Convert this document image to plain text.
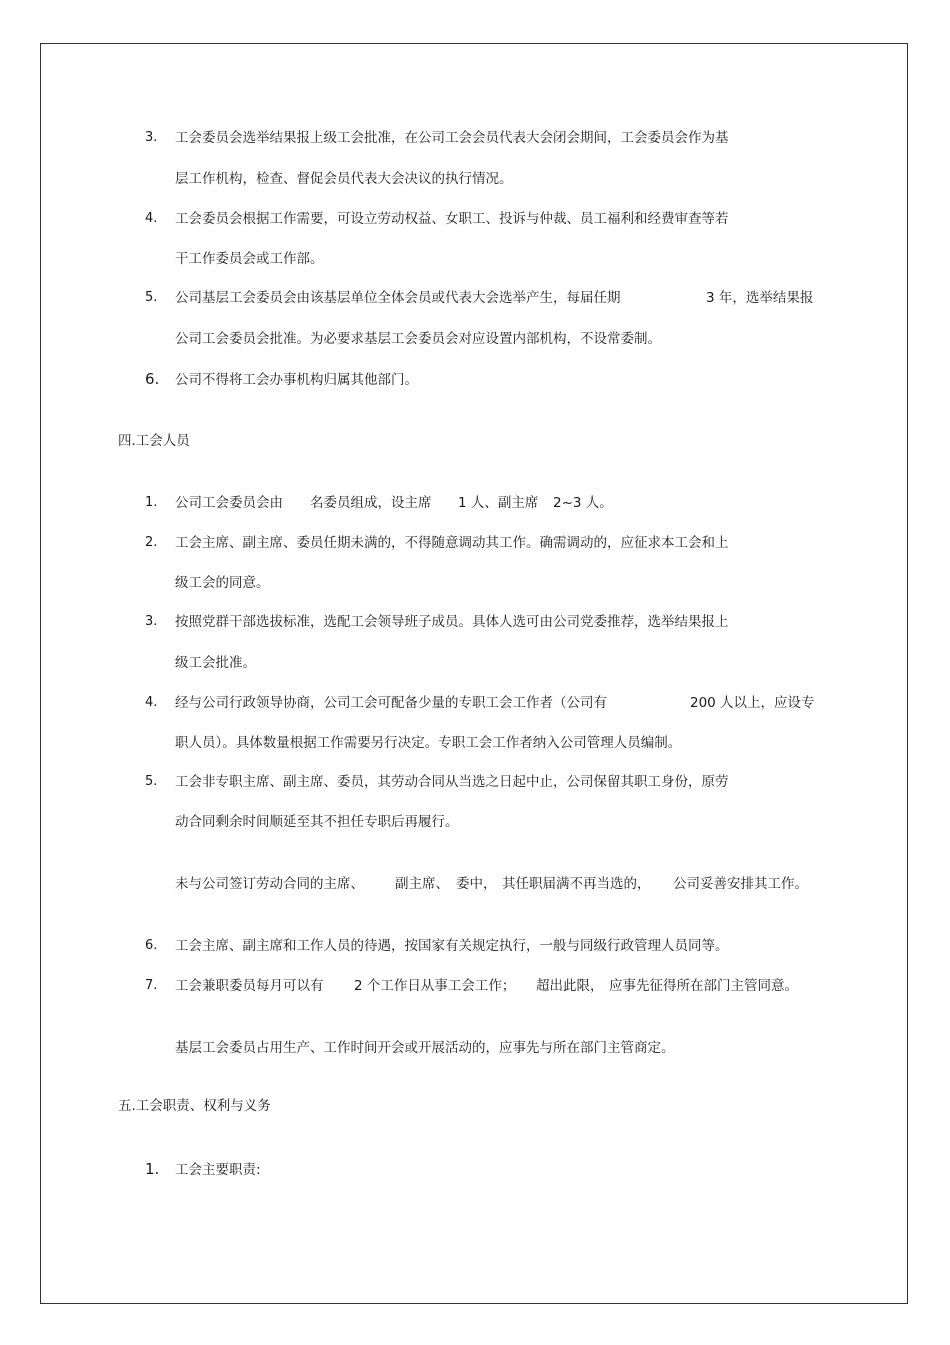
3. 工会委员会选举结果报上级工会批准，在公司工会会员代表大会闭会期间，工会委员会作为基
层工作机构，检查、督促会员代表大会决议的执行情况。
4. 工会委员会根据工作需要，可设立劳动权益、女职工、投诉与仲裁、员工福利和经费审查等若
干工作委员会或工作部。
5. 公司基层工会委员会由该基层单位全体会员或代表大会选举产生，每届任期	3 年，选举结果报
公司工会委员会批准。为必要求基层工会委员会对应设置内部机构，不设常委制。
6. 公司不得将工会办事机构归属其他部门。
四.工会人员
1. 公司工会委员会由 名委员组成，设主席 1 人、副主席 2~3 人。
2. 工会主席、副主席、委员任期未满的，不得随意调动其工作。确需调动的，应征求本工会和上
级工会的同意。
3. 按照党群干部选拔标准，选配工会领导班子成员。具体人选可由公司党委推荐，选举结果报上
级工会批准。
4. 经与公司行政领导协商，公司工会可配备少量的专职工会工作者（公司有	200 人以上，应设专
职人员）。具体数量根据工作需要另行决定。专职工会工作者纳入公司管理人员编制。
5. 工会非专职主席、副主席、委员，其劳动合同从当选之日起中止，公司保留其职工身份，原劳
动合同剩余时间顺延至其不担任专职后再履行。
未与公司签订劳动合同的主席、 副主席、 委中， 其任职届满不再当选的， 公司妥善安排其工作。
6. 工会主席、副主席和工作人员的待遇，按国家有关规定执行，一般与同级行政管理人员同等。
7. 工会兼职委员每月可以有 2 个工作日从事工会工作； 超出此限， 应事先征得所在部门主管同意。
基层工会委员占用生产、工作时间开会或开展活动的，应事先与所在部门主管商定。
五.工会职责、权利与义务
1. 工会主要职责:
